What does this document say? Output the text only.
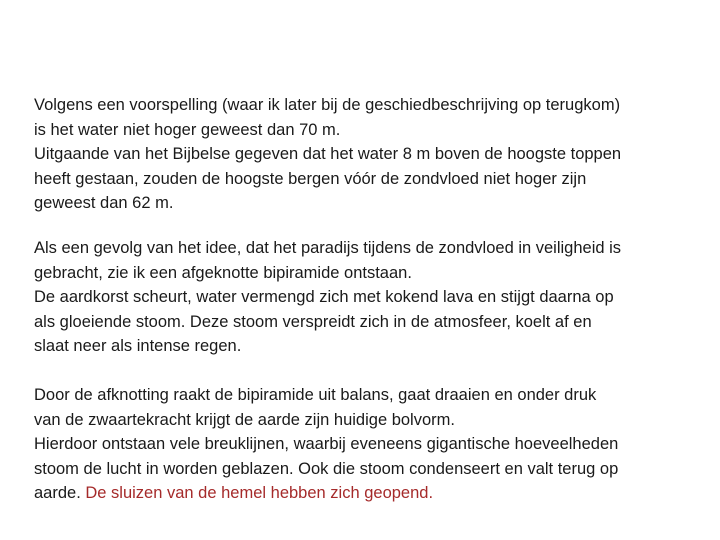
Volgens een voorspelling (waar ik later bij de geschiedbeschrijving op terugkom)

is het water niet hoger geweest dan 70 m.

Uitgaande van het Bijbelse gegeven dat het water 8 m boven de hoogste toppen

heeft gestaan, zouden de hoogste bergen vóór de zondvloed niet hoger zijn

geweest dan 62 m.

Als een gevolg van het idee, dat het paradijs tijdens de zondvloed in veiligheid is

gebracht, zie ik een afgeknotte bipiramide ontstaan.

De aardkorst scheurt, water vermengd zich met kokend lava en stijgt daarna op

als gloeiende stoom. Deze stoom verspreidt zich in de atmosfeer, koelt af en

slaat neer als intense regen.

Door de afknotting raakt de bipiramide uit balans, gaat draaien en onder druk

van de zwaartekracht krijgt de aarde zijn huidige bolvorm.

Hierdoor ontstaan vele breuklijnen, waarbij eveneens gigantische hoeveelheden

stoom de lucht in worden geblazen. Ook die stoom condenseert en valt terug op

aarde. De sluizen van de hemel hebben zich geopend.
